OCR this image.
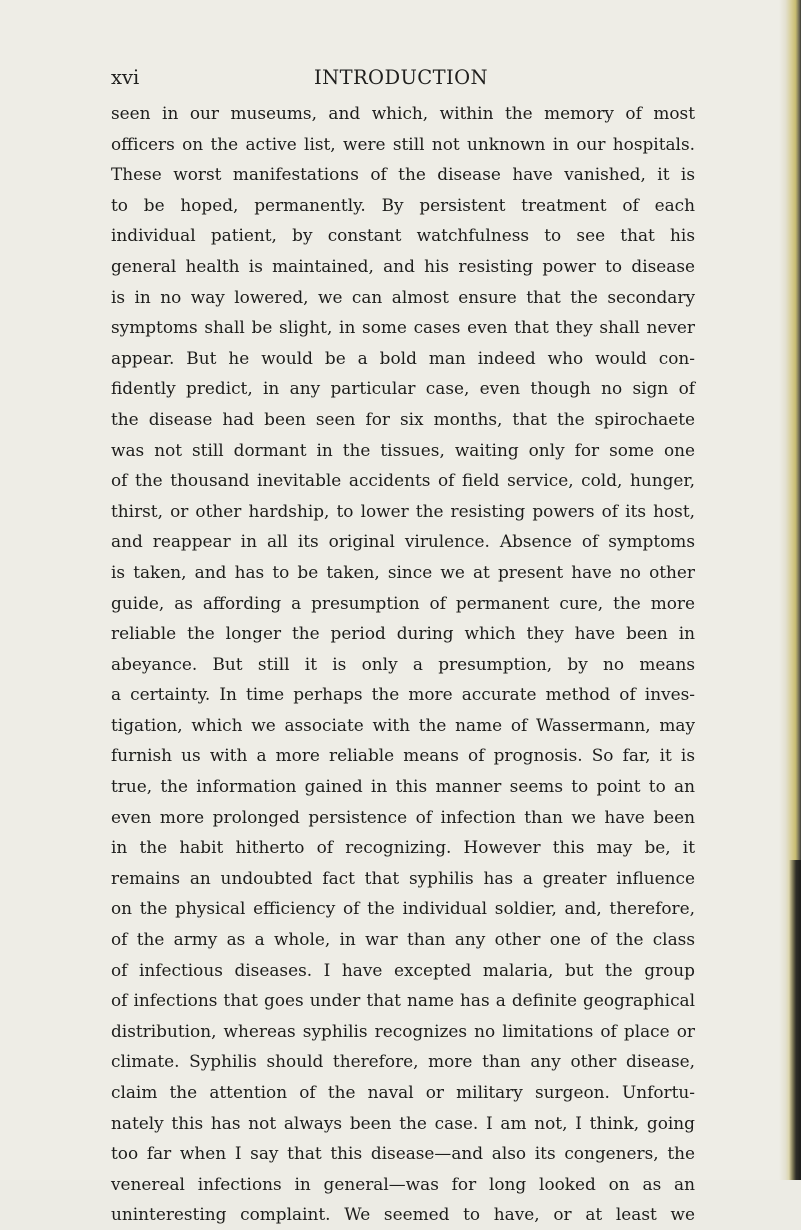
xvi	INTRODUCTION
seen in our museums, and which, within the memory of most
officers on the active list, were still not unknown in our hospitals.
These worst manifestations of the disease have vanished, it is
to be hoped, permanently. By persistent treatment of each
individual patient, by constant watchfulness to see that his
general health is maintained, and his resisting power to disease
is in no way lowered, we can almost ensure that the secondary
symptoms shall be slight, in some cases even that they shall never
appear. But he would be a bold man indeed who would con-
fidently predict, in any particular case, even though no sign of
the disease had been seen for six months, that the spirochaete
was not still dormant in the tissues, waiting only for some one
of the thousand inevitable accidents of field service, cold, hunger,
thirst, or other hardship, to lower the resisting powers of its host,
and reappear in all its original virulence. Absence of symptoms
is taken, and has to be taken, since we at present have no other
guide, as affording a presumption of permanent cure, the more
reliable the longer the period during which they have been in
abeyance. But still it is only a presumption, by no means
a certainty. In time perhaps the more accurate method of inves-
tigation, which we associate with the name of Wassermann, may
furnish us with a more reliable means of prognosis. So far, it is
true, the information gained in this manner seems to point to an
even more prolonged persistence of infection than we have been
in the habit hitherto of recognizing. However this may be, it
remains an undoubted fact that syphilis has a greater influence
on the physical efficiency of the individual soldier, and, therefore,
of the army as a whole, in war than any other one of the class
of infectious diseases. I have excepted malaria, but the group
of infections that goes under that name has a definite geographical
distribution, whereas syphilis recognizes no limitations of place or
climate. Syphilis should therefore, more than any other disease,
claim the attention of the naval or military surgeon. Unfortu-
nately this has not always been the case. I am not, I think, going
too far when I say that this disease—and also its congeners, the
venereal infections in general—was for long looked on as an
uninteresting complaint. We seemed to have, or at least we
